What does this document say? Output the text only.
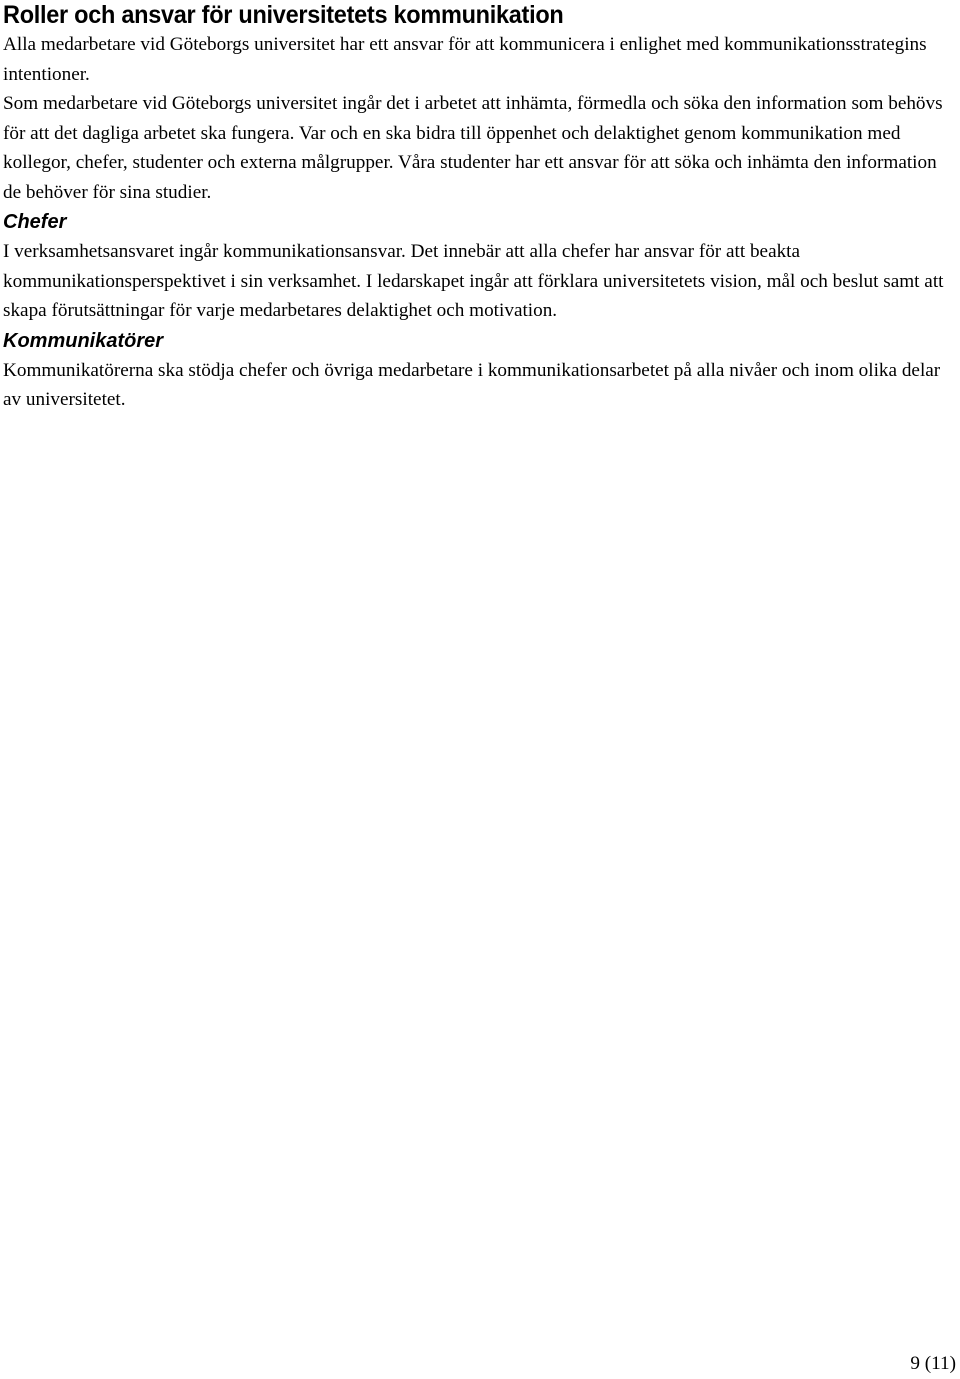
Roller och ansvar för universitetets kommunikation

Alla medarbetare vid Göteborgs universitet har ett ansvar för att kommunicera i enlighet med kommunikationsstrategins intentioner.

Som medarbetare vid Göteborgs universitet ingår det i arbetet att inhämta, förmedla och söka den information som behövs för att det dagliga arbetet ska fungera. Var och en ska bidra till öppenhet och delaktighet genom kommunikation med kollegor, chefer, studenter och externa målgrupper. Våra studenter har ett ansvar för att söka och inhämta den information de behöver för sina studier.

Chefer

I verksamhetsansvaret ingår kommunikationsansvar. Det innebär att alla chefer har ansvar för att beakta kommunikationsperspektivet i sin verksamhet. I ledarskapet ingår att förklara universitetets vision, mål och beslut samt att skapa förutsättningar för varje medarbetares delaktighet och motivation.

Kommunikatörer

Kommunikatörerna ska stödja chefer och övriga medarbetare i kommunikationsarbetet på alla nivåer och inom olika delar av universitetet.

9 (11)
